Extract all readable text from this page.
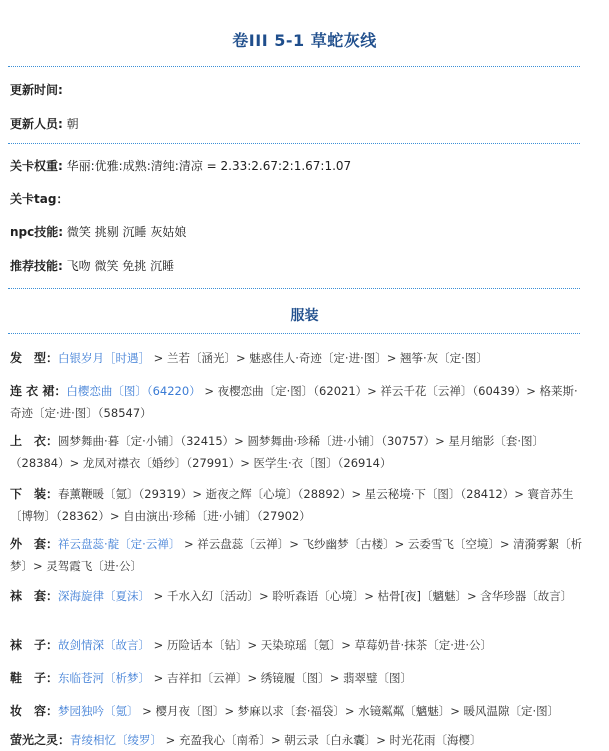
卷III 5-1 草蛇灰线
更新时间:
更新人员: 朝
关卡权重: 华丽:优雅:成熟:清纯:清凉 = 2.33:2.67:2:1.67:1.07
关卡tag：
npc技能: 微笑 挑剔 沉睡 灰姑娘
推荐技能: 飞吻 微笑 免挑 沉睡
服装
发　型：白银岁月［时遇］ > 兰若〔涵光〕> 魅惑佳人·奇迹〔定·进·图〕> 翘筝·灰〔定·图〕
连 衣 裙：白樱恋曲〔图〕（64220） > 夜樱恋曲〔定·图〕（62021）> 祥云千花〔云禅〕（60439）> 格莱斯·奇迹〔定·进·图〕（58547）
上　衣：圆梦舞曲·暮〔定·小铺〕（32415）> 圆梦舞曲·珍稀〔进·小铺〕（30757）> 星月缩影〔套·图〕（28384）> 龙凤对襟衣〔婚纱〕（27991）> 医学生·衣〔图〕（26914）
下　装：春薰鞭暖〔氪〕（29319）> 逝夜之辉〔心境〕（28892）> 星云秘境·下〔图〕（28412）> 寰音苏生〔博物〕（28362）> 自由演出·珍稀〔进·小铺〕（27902）
外　套：祥云盘蕊·靛〔定·云禅〕 > 祥云盘蕊〔云禅〕> 飞纱幽梦〔古楼〕> 云委雪飞〔空境〕> 清漪雾絮〔析梦〕> 灵驾霞飞〔进·公〕
袜　套：深海旋律〔夏沫〕 > 千水入幻〔活动〕> 聆听森语〔心境〕> 枯骨[夜]〔魑魅〕> 含华珍器〔故言〕
袜　子：故剑情深〔故言〕 > 历险话本〔钻〕> 天染琼瑶〔氪〕> 草莓奶昔·抹茶〔定·进·公〕
鞋　子：东临苍河〔析梦〕 > 吉祥扣〔云禅〕> 绣镜履〔图〕> 翡翠璧〔图〕
妆　容：梦园独吟〔氪〕 > 樱月夜〔图〕> 梦麻以求〔套·福袋〕> 水镜粼粼〔魑魅〕> 暖风温隙〔定·图〕
萤光之灵：青绫相忆〔绫罗〕 > 充盈我心〔南希〕> 朝云录〔白永囊〕> 时光花雨〔海樱〕
